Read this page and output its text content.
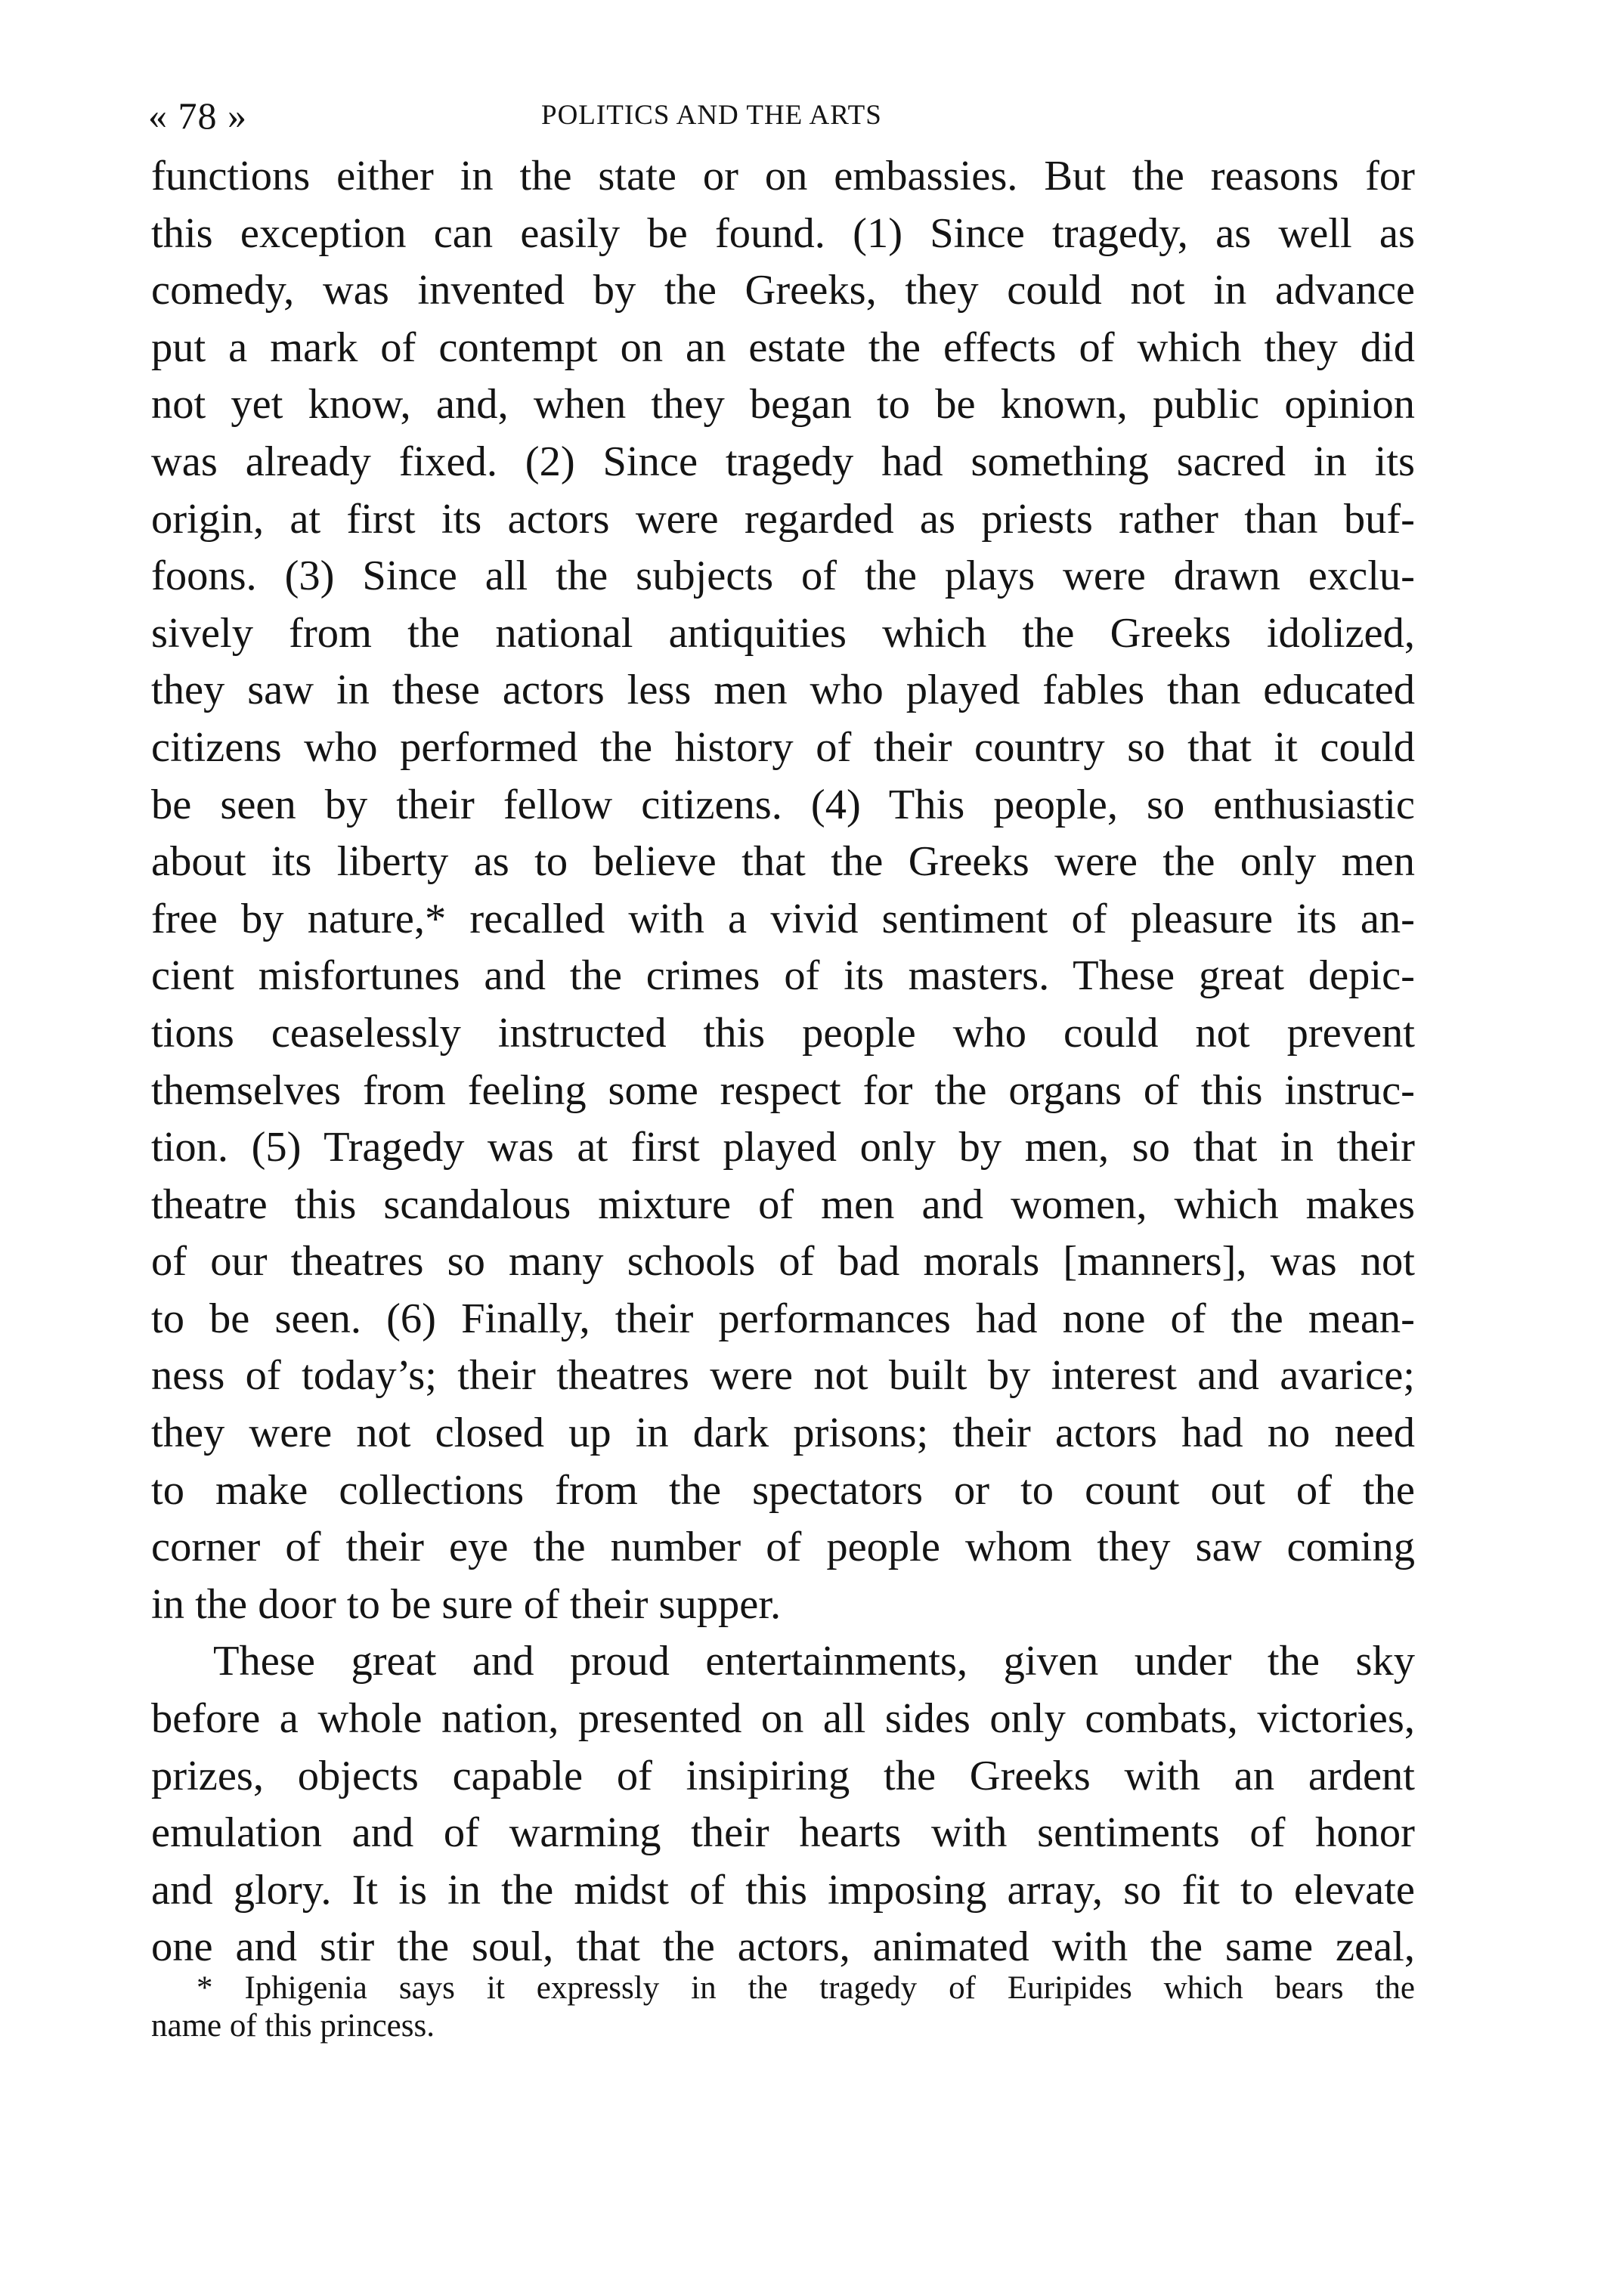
« 78 »	POLITICS AND THE ARTS
functions either in the state or on embassies. But the reasons for
this exception can easily be found. (1) Since tragedy, as well as
comedy, was invented by the Greeks, they could not in advance
put a mark of contempt on an estate the effects of which they did
not yet know, and, when they began to be known, public opinion
was already fixed. (2) Since tragedy had something sacred in its
origin, at first its actors were regarded as priests rather than buf-
foons. (3) Since all the subjects of the plays were drawn exclu-
sively from the national antiquities which the Greeks idolized,
they saw in these actors less men who played fables than educated
citizens who performed the history of their country so that it could
be seen by their fellow citizens. (4) This people, so enthusiastic
about its liberty as to believe that the Greeks were the only men
free by nature,* recalled with a vivid sentiment of pleasure its an-
cient misfortunes and the crimes of its masters. These great depic-
tions ceaselessly instructed this people who could not prevent
themselves from feeling some respect for the organs of this instruc-
tion. (5) Tragedy was at first played only by men, so that in their
theatre this scandalous mixture of men and women, which makes
of our theatres so many schools of bad morals [manners], was not
to be seen. (6) Finally, their performances had none of the mean-
ness of today’s; their theatres were not built by interest and avarice;
they were not closed up in dark prisons; their actors had no need
to make collections from the spectators or to count out of the
corner of their eye the number of people whom they saw coming
in the door to be sure of their supper.
These great and proud entertainments, given under the sky
before a whole nation, presented on all sides only combats, victories,
prizes, objects capable of insipiring the Greeks with an ardent
emulation and of warming their hearts with sentiments of honor
and glory. It is in the midst of this imposing array, so fit to elevate
one and stir the soul, that the actors, animated with the same zeal,
* Iphigenia says it expressly in the tragedy of Euripides which bears the
name of this princess.
